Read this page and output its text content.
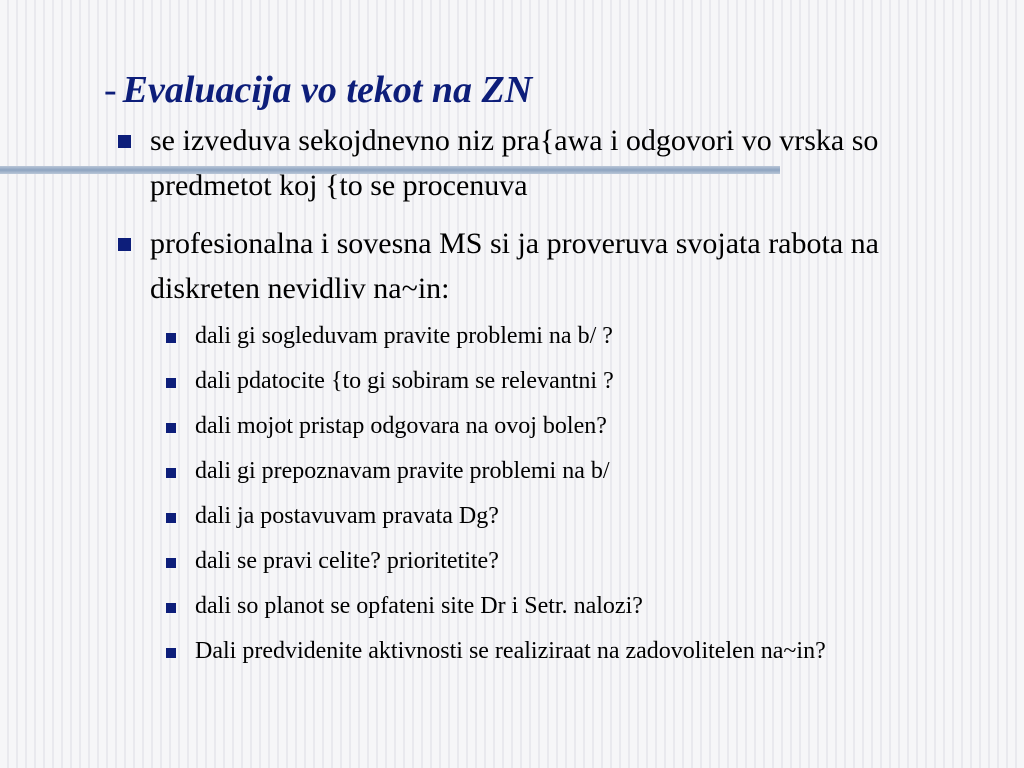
- Evaluacija vo tekot na ZN
se izveduva sekojdnevno niz pra{awa i odgovori vo vrska so predmetot koj {to se procenuva
profesionalna i sovesna MS si ja proveruva svojata rabota na diskreten nevidliv na~in:
dali gi sogleduvam pravite problemi na b/ ?
dali pdatocite {to gi sobiram se relevantni ?
dali mojot pristap odgovara na ovoj bolen?
dali gi prepoznavam pravite problemi na b/
dali ja postavuvam pravata Dg?
dali se pravi celite? prioritetite?
dali so planot se opfateni site Dr i Setr. nalozi?
Dali predvidenite aktivnosti se realiziraat na zadovolitelen na~in?
